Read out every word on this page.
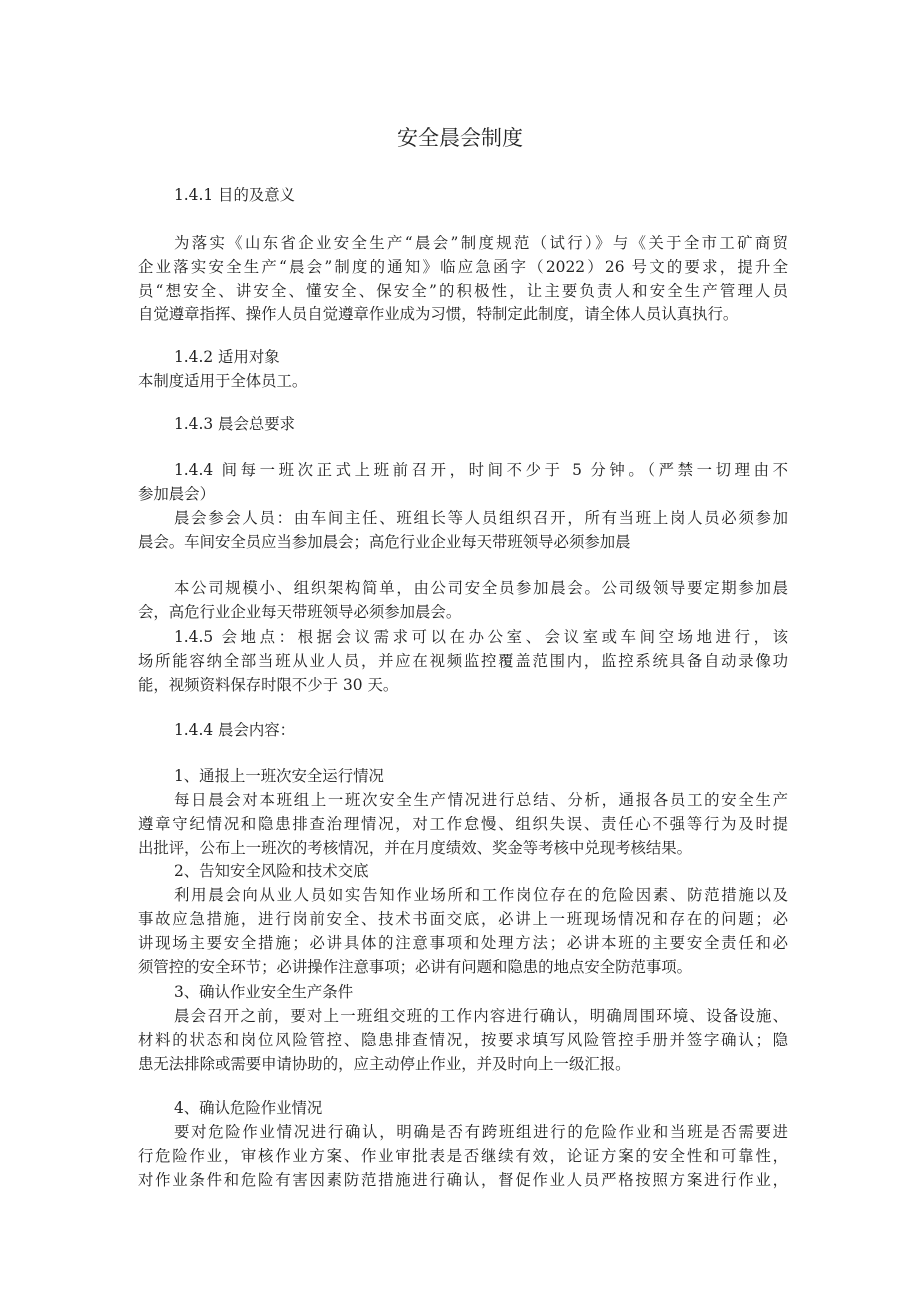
安全晨会制度
1.4.1 目的及意义
为落实《山东省企业安全生产“晨会”制度规范（试行）》与《关于全市工矿商贸
企业落实安全生产“晨会”制度的通知》临应急函字（2022）26 号文的要求，提升全
员“想安全、讲安全、懂安全、保安全”的积极性，让主要负责人和安全生产管理人员
自觉遵章指挥、操作人员自觉遵章作业成为习惯，特制定此制度，请全体人员认真执行。
1.4.2 适用对象
本制度适用于全体员工。
1.4.3 晨会总要求
1.4.4 间每一班次正式上班前召开，时间不少于 5 分钟。（严禁一切理由不
参加晨会）
晨会参会人员：由车间主任、班组长等人员组织召开，所有当班上岗人员必须参加
晨会。车间安全员应当参加晨会；高危行业企业每天带班领导必须参加晨
本公司规模小、组织架构简单，由公司安全员参加晨会。公司级领导要定期参加晨
会，高危行业企业每天带班领导必须参加晨会。
1.4.5 会地点：根据会议需求可以在办公室、会议室或车间空场地进行，该
场所能容纳全部当班从业人员，并应在视频监控覆盖范围内，监控系统具备自动录像功
能，视频资料保存时限不少于 30 天。
1.4.4 晨会内容：
1、通报上一班次安全运行情况
每日晨会对本班组上一班次安全生产情况进行总结、分析，通报各员工的安全生产
遵章守纪情况和隐患排查治理情况，对工作怠慢、组织失误、责任心不强等行为及时提
出批评，公布上一班次的考核情况，并在月度绩效、奖金等考核中兑现考核结果。
2、告知安全风险和技术交底
利用晨会向从业人员如实告知作业场所和工作岗位存在的危险因素、防范措施以及
事故应急措施，进行岗前安全、技术书面交底，必讲上一班现场情况和存在的问题；必
讲现场主要安全措施；必讲具体的注意事项和处理方法；必讲本班的主要安全责任和必
须管控的安全环节；必讲操作注意事项；必讲有问题和隐患的地点安全防范事项。
3、确认作业安全生产条件
晨会召开之前，要对上一班组交班的工作内容进行确认，明确周围环境、设备设施、
材料的状态和岗位风险管控、隐患排查情况，按要求填写风险管控手册并签字确认；隐
患无法排除或需要申请协助的，应主动停止作业，并及时向上一级汇报。
4、确认危险作业情况
要对危险作业情况进行确认，明确是否有跨班组进行的危险作业和当班是否需要进
行危险作业，审核作业方案、作业审批表是否继续有效，论证方案的安全性和可靠性，
对作业条件和危险有害因素防范措施进行确认，督促作业人员严格按照方案进行作业，
